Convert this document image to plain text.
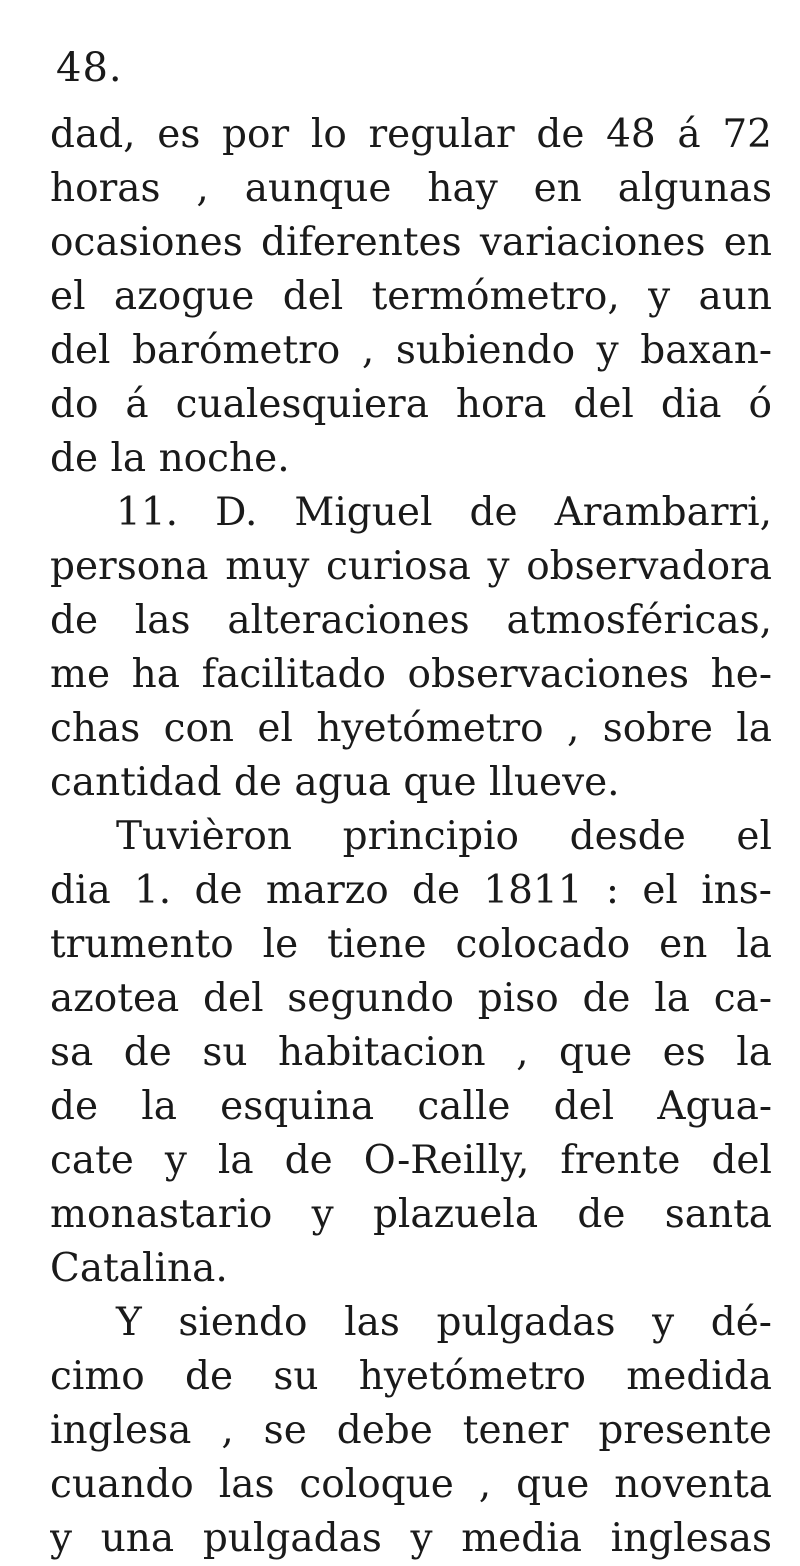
48.
dad, es por lo regular de 48 á 72
horas , aunque hay en algunas
ocasiones diferentes variaciones en
el azogue del termómetro, y aun
del barómetro , subiendo y baxan-
do á cualesquiera hora del dia ó
de la noche.
11. D. Miguel de Arambarri,
persona muy curiosa y observadora
de las alteraciones atmosféricas,
me ha facilitado observaciones he-
chas con el hyetómetro , sobre la
cantidad de agua que llueve.
Tuvièron principio desde el
dia 1. de marzo de 1811 : el ins-
trumento le tiene colocado en la
azotea del segundo piso de la ca-
sa de su habitacion , que es la
de la esquina calle del Agua-
cate y la de O-Reilly, frente del
monastario y plazuela de santa
Catalina.
Y siendo las pulgadas y dé-
cimo de su hyetómetro medida
inglesa , se debe tener presente
cuando las coloque , que noventa
y una pulgadas y media inglesas
